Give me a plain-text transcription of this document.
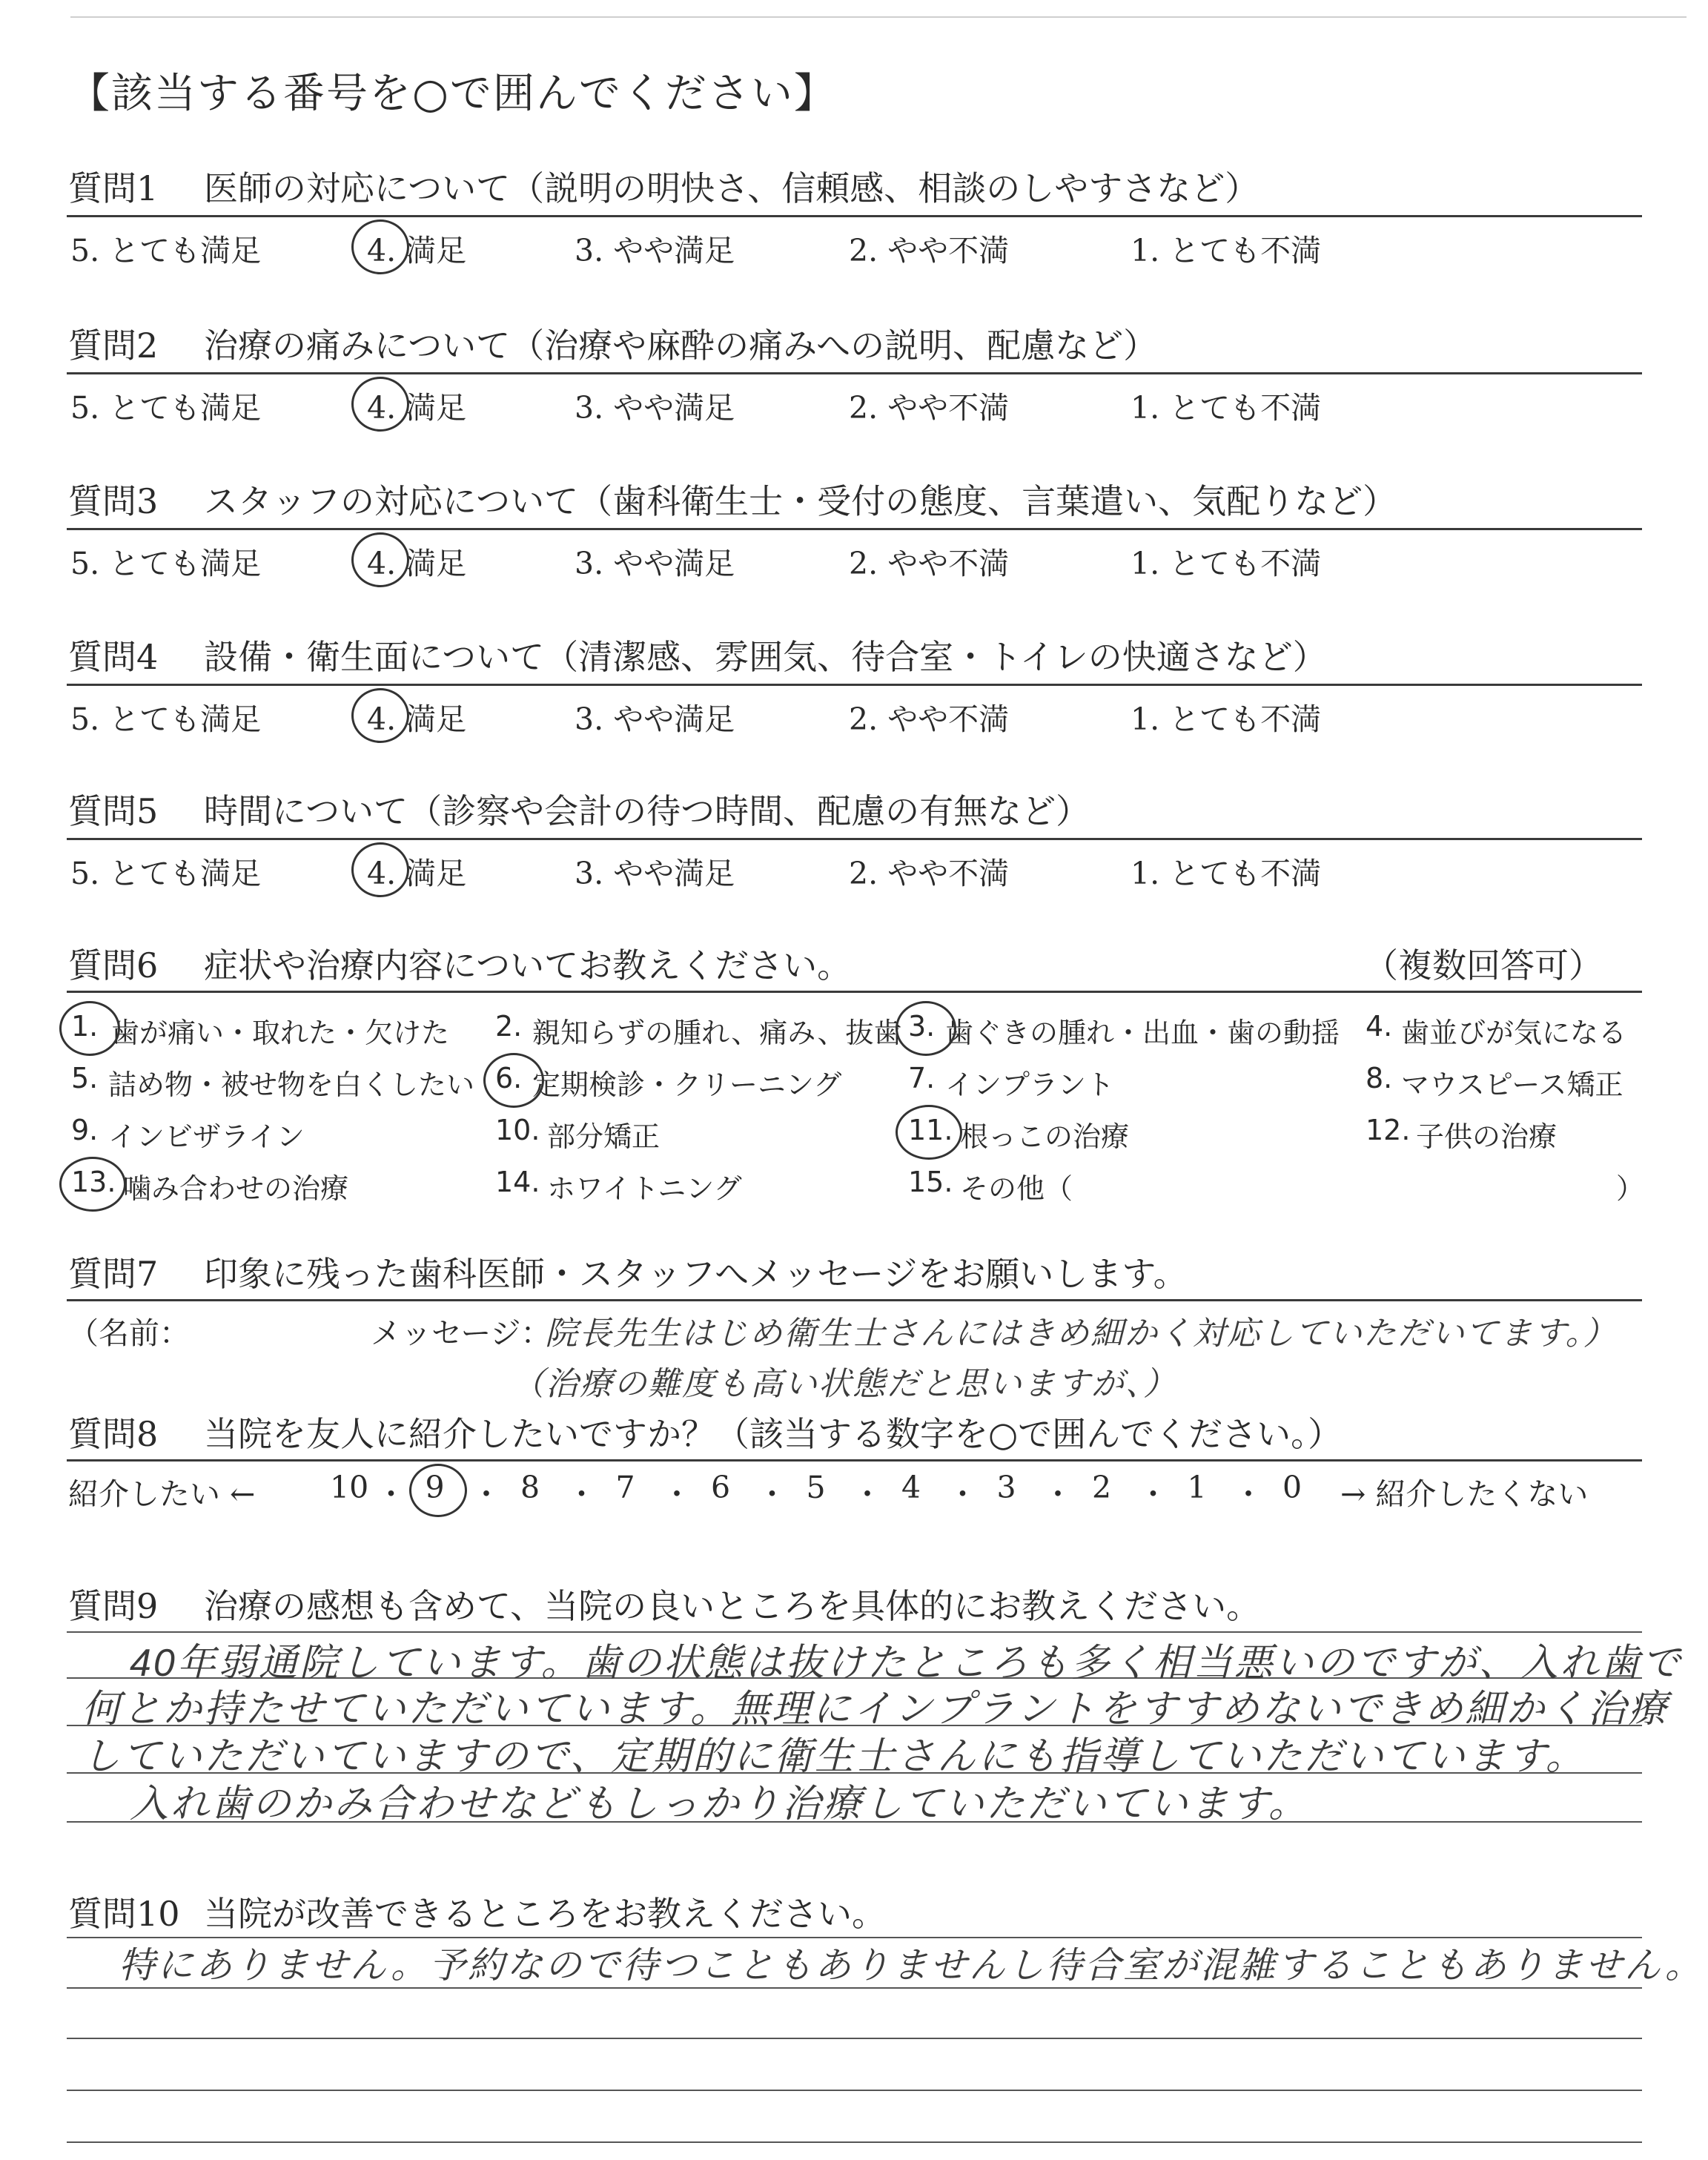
【該当する番号を○で囲んでください】
質問1 医師の対応について（説明の明快さ、信頼感、相談のしやすさなど）
5. とても満足	4. 満足	3. やや満足	2. やや不満	1. とても不満
質問2 治療の痛みについて（治療や麻酔の痛みへの説明、配慮など）
5. とても満足	4. 満足	3. やや満足	2. やや不満	1. とても不満
質問3 スタッフの対応について（歯科衛生士・受付の態度、言葉遣い、気配りなど）
5. とても満足	4. 満足	3. やや満足	2. やや不満	1. とても不満
質問4 設備・衛生面について（清潔感、雰囲気、待合室・トイレの快適さなど）
5. とても満足	4. 満足	3. やや満足	2. やや不満	1. とても不満
質問5 時間について（診察や会計の待つ時間、配慮の有無など）
5. とても満足	4. 満足	3. やや満足	2. やや不満	1. とても不満
質問6 症状や治療内容についてお教えください。	（複数回答可）
1. 歯が痛い・取れた・欠けた 2. 親知らずの腫れ、痛み、抜歯 3. 歯ぐきの腫れ・出血・歯の動揺 4. 歯並びが気になる
5. 詰め物・被せ物を白くしたい 6. 定期検診・クリーニング 7. インプラント	8. マウスピース矯正
9. インビザライン	10. 部分矯正	11. 根っこの治療	12. 子供の治療
13. 噛み合わせの治療	14. ホワイトニング	15. その他（	）
質問7 印象に残った歯科医師・スタッフへメッセージをお願いします。
（名前：	メッセージ：
院長先生はじめ衛生士さんにはきめ細かく対応していただいてます。）
（治療の難度も高い状態だと思いますが、）
質問8 当院を友人に紹介したいですか？（該当する数字を○で囲んでください。）
紹介したい ←	→ 紹介したくない
10 ・ 9 ・ 8 ・ 7 ・ 6 ・ 5 ・ 4 ・ 3 ・ 2 ・ 1 ・ 0
質問9 治療の感想も含めて、当院の良いところを具体的にお教えください。
40年弱通院しています。歯の状態は抜けたところも多く相当悪いのですが、入れ歯で
何とか持たせていただいています。無理にインプラントをすすめないできめ細かく治療
していただいていますので、定期的に衛生士さんにも指導していただいています。
入れ歯のかみ合わせなどもしっかり治療していただいています。
質問10 当院が改善できるところをお教えください。
特にありません。予約なので待つこともありませんし待合室が混雑することもありません。
